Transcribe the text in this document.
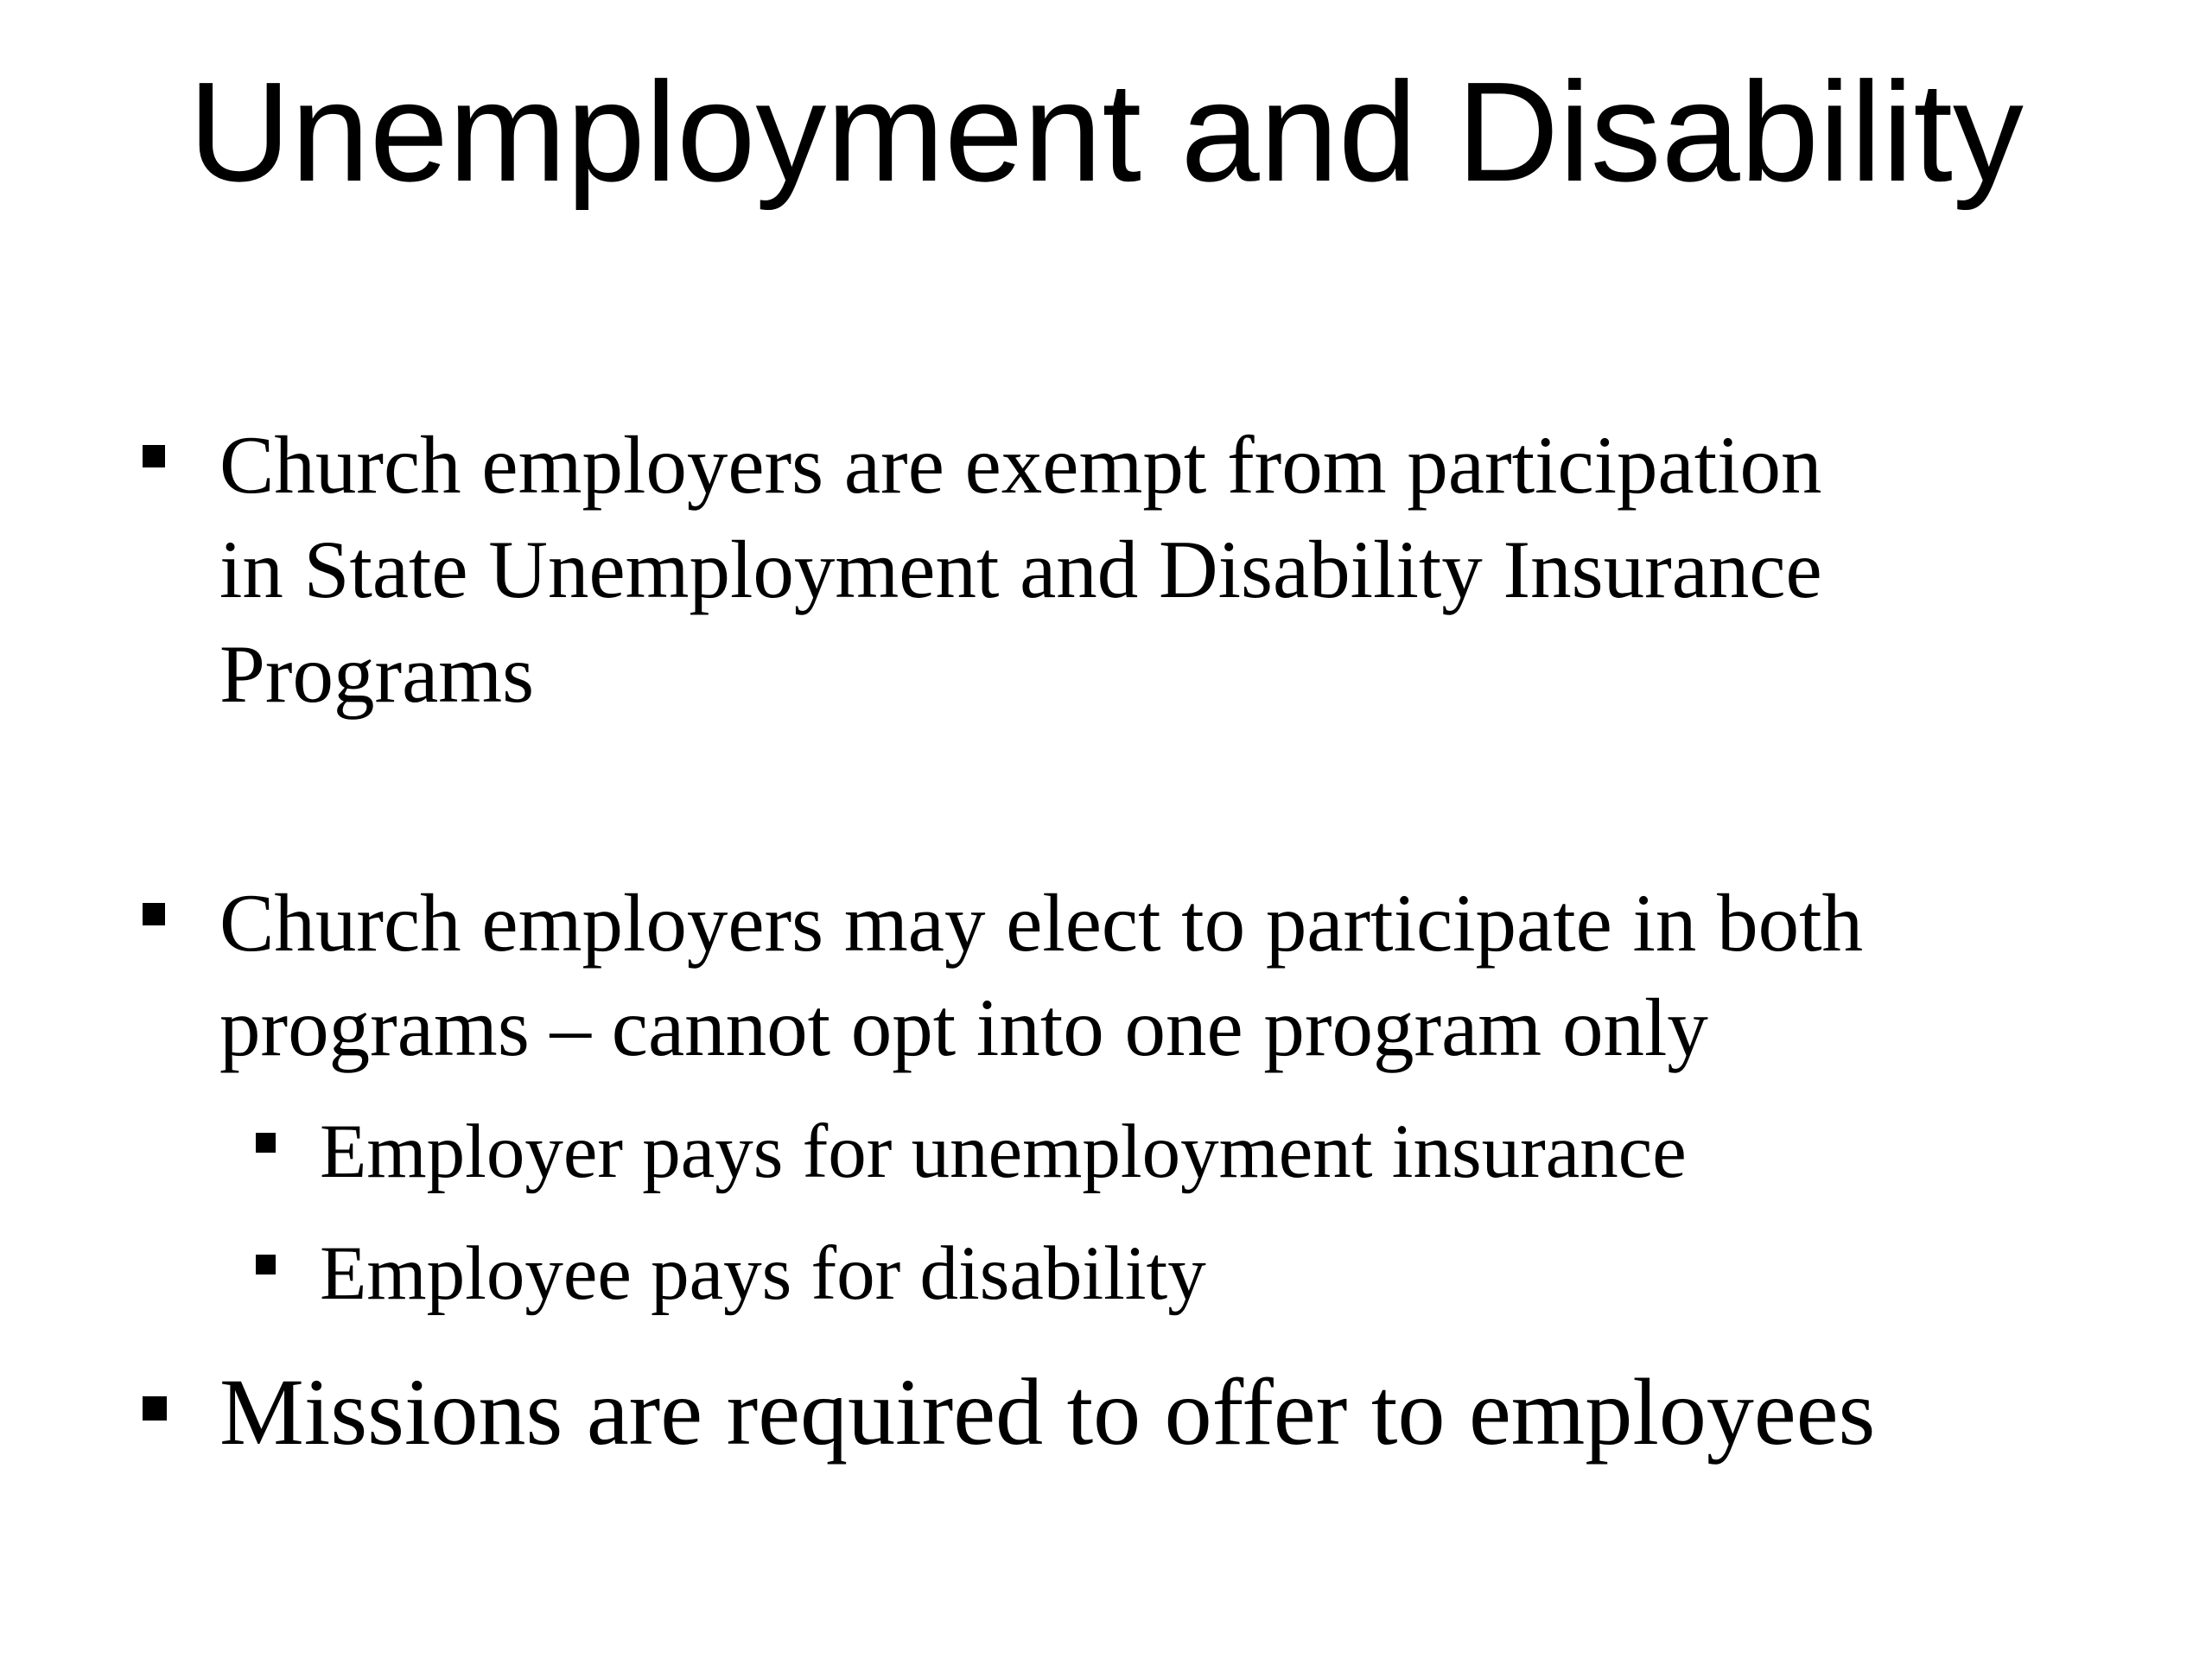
Unemployment and Disability
Church employers are exempt from participation
in State Unemployment and Disability Insurance
Programs
Church employers may elect to participate in both
programs – cannot opt into one program only
Employer pays for unemployment insurance
Employee pays for disability
Missions are required to offer to employees
